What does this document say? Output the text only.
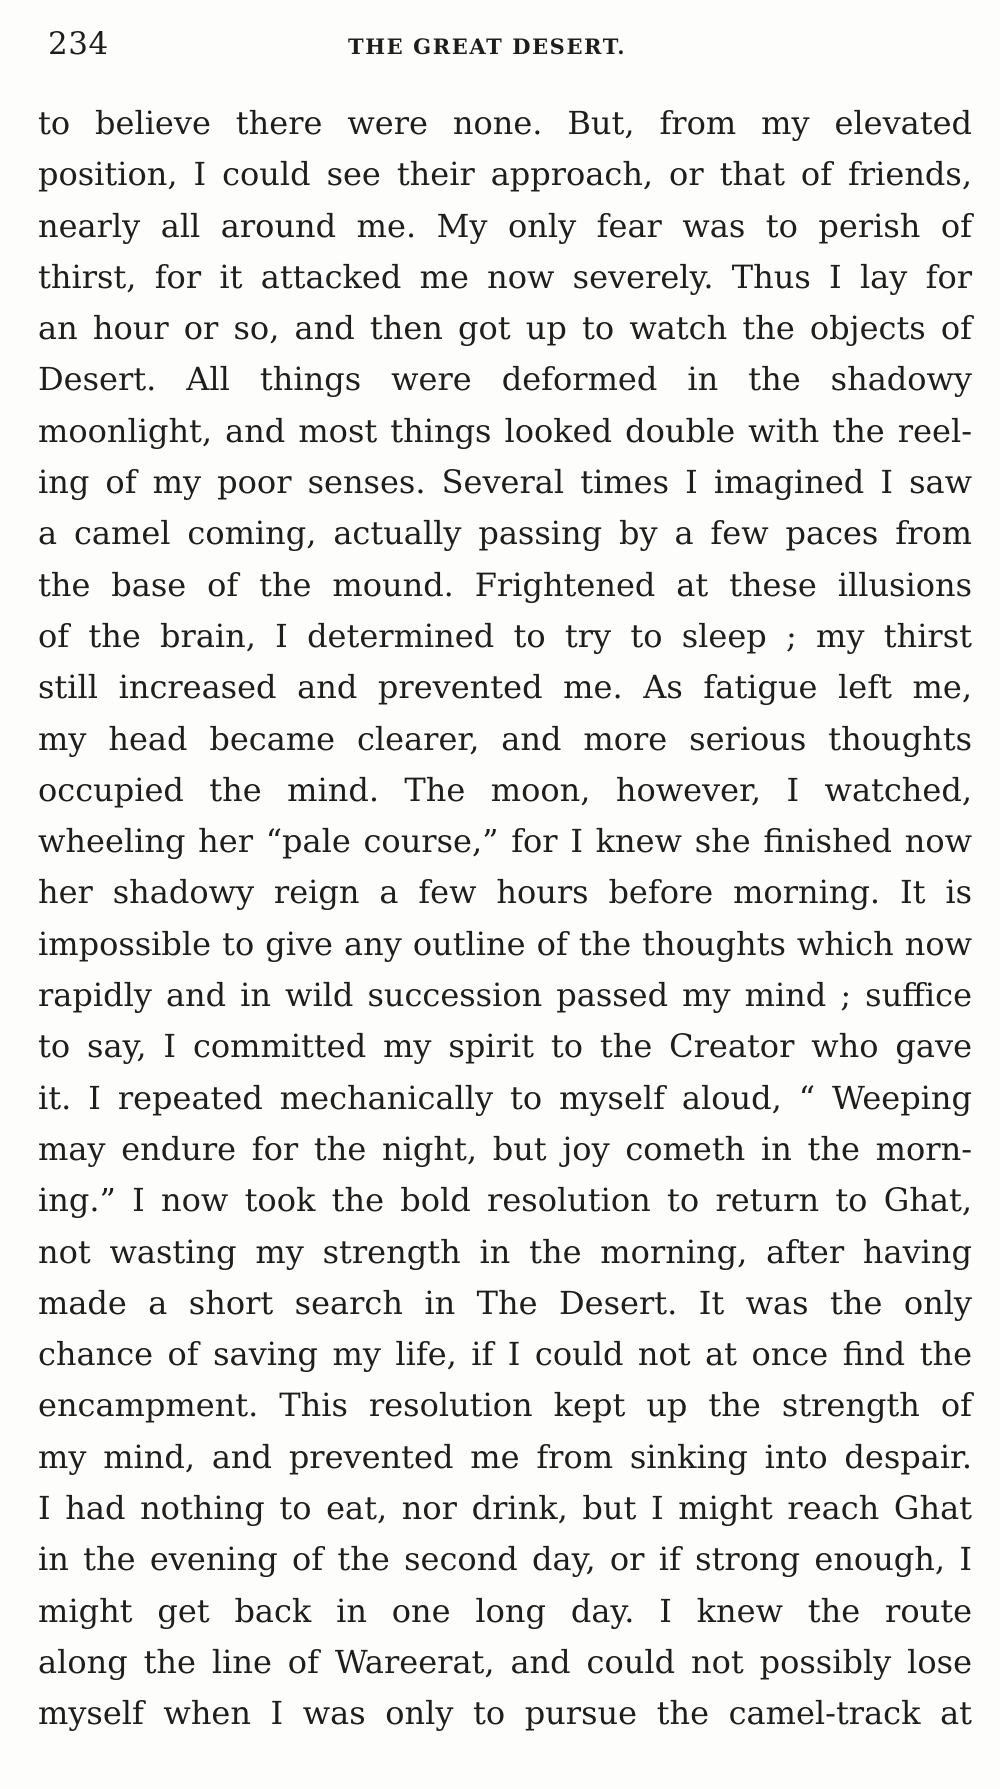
234	THE GREAT DESERT.
to believe there were none. But, from my elevated
position, I could see their approach, or that of friends,
nearly all around me. My only fear was to perish of
thirst, for it attacked me now severely. Thus I lay for
an hour or so, and then got up to watch the objects of
Desert. All things were deformed in the shadowy
moonlight, and most things looked double with the reel-
ing of my poor senses. Several times I imagined I saw
a camel coming, actually passing by a few paces from
the base of the mound. Frightened at these illusions
of the brain, I determined to try to sleep ; my thirst
still increased and prevented me. As fatigue left me,
my head became clearer, and more serious thoughts
occupied the mind. The moon, however, I watched,
wheeling her “pale course,” for I knew she finished now
her shadowy reign a few hours before morning. It is
impossible to give any outline of the thoughts which now
rapidly and in wild succession passed my mind ; suffice
to say, I committed my spirit to the Creator who gave
it. I repeated mechanically to myself aloud, “ Weeping
may endure for the night, but joy cometh in the morn-
ing.” I now took the bold resolution to return to Ghat,
not wasting my strength in the morning, after having
made a short search in The Desert. It was the only
chance of saving my life, if I could not at once find the
encampment. This resolution kept up the strength of
my mind, and prevented me from sinking into despair.
I had nothing to eat, nor drink, but I might reach Ghat
in the evening of the second day, or if strong enough, I
might get back in one long day. I knew the route
along the line of Wareerat, and could not possibly lose
myself when I was only to pursue the camel-track at
